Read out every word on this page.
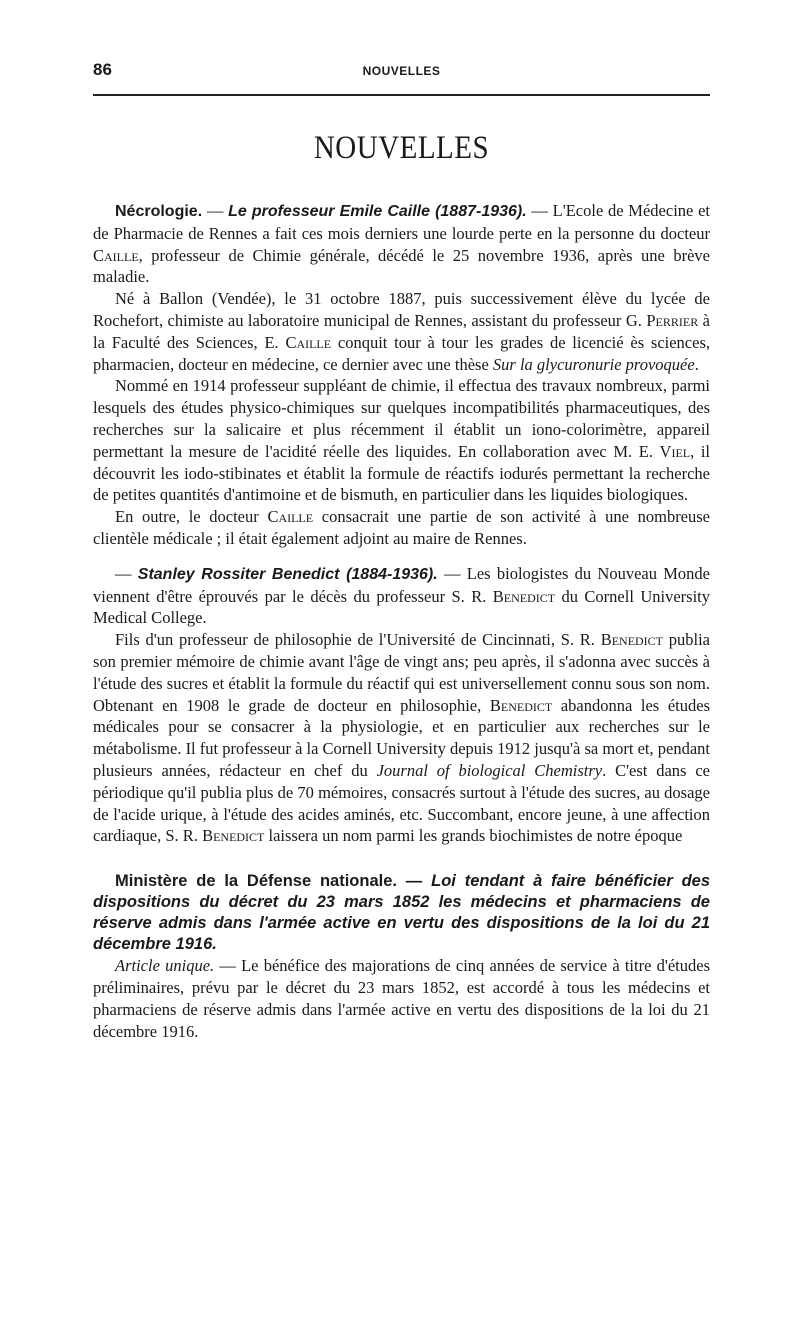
86	NOUVELLES
NOUVELLES

Nécrologie. — Le professeur Emile Caille (1887-1936). — L'Ecole de Médecine et de Pharmacie de Rennes a fait ces mois derniers une lourde perte en la personne du docteur Caille, professeur de Chimie générale, décédé le 25 novembre 1936, après une brève maladie.

Né à Ballon (Vendée), le 31 octobre 1887, puis successivement élève du lycée de Rochefort, chimiste au laboratoire municipal de Rennes, assistant du professeur G. Perrier à la Faculté des Sciences, E. Caille conquit tour à tour les grades de licencié ès sciences, pharmacien, docteur en médecine, ce dernier avec une thèse Sur la glycuronurie provoquée.

Nommé en 1914 professeur suppléant de chimie, il effectua des travaux nombreux, parmi lesquels des études physico-chimiques sur quelques incompatibilités pharmaceutiques, des recherches sur la salicaire et plus récemment il établit un iono-colorimètre, appareil permettant la mesure de l'acidité réelle des liquides. En collaboration avec M. E. Viel, il découvrit les iodo-stibinates et établit la formule de réactifs iodurés permettant la recherche de petites quantités d'antimoine et de bismuth, en particulier dans les liquides biologiques.

En outre, le docteur Caille consacrait une partie de son activité à une nombreuse clientèle médicale ; il était également adjoint au maire de Rennes.

— Stanley Rossiter Benedict (1884-1936). — Les biologistes du Nouveau Monde viennent d'être éprouvés par le décès du professeur S. R. Benedict du Cornell University Medical College.

Fils d'un professeur de philosophie de l'Université de Cincinnati, S. R. Benedict publia son premier mémoire de chimie avant l'âge de vingt ans; peu après, il s'adonna avec succès à l'étude des sucres et établit la formule du réactif qui est universellement connu sous son nom. Obtenant en 1908 le grade de docteur en philosophie, Benedict abandonna les études médicales pour se consacrer à la physiologie, et en particulier aux recherches sur le métabolisme. Il fut professeur à la Cornell University depuis 1912 jusqu'à sa mort et, pendant plusieurs années, rédacteur en chef du Journal of biological Chemistry. C'est dans ce périodique qu'il publia plus de 70 mémoires, consacrés surtout à l'étude des sucres, au dosage de l'acide urique, à l'étude des acides aminés, etc. Succombant, encore jeune, à une affection cardiaque, S. R. Benedict laissera un nom parmi les grands biochimistes de notre époque

Ministère de la Défense nationale. — Loi tendant à faire bénéficier des dispositions du décret du 23 mars 1852 les médecins et pharmaciens de réserve admis dans l'armée active en vertu des dispositions de la loi du 21 décembre 1916.

Article unique. — Le bénéfice des majorations de cinq années de service à titre d'études préliminaires, prévu par le décret du 23 mars 1852, est accordé à tous les médecins et pharmaciens de réserve admis dans l'armée active en vertu des dispositions de la loi du 21 décembre 1916.
